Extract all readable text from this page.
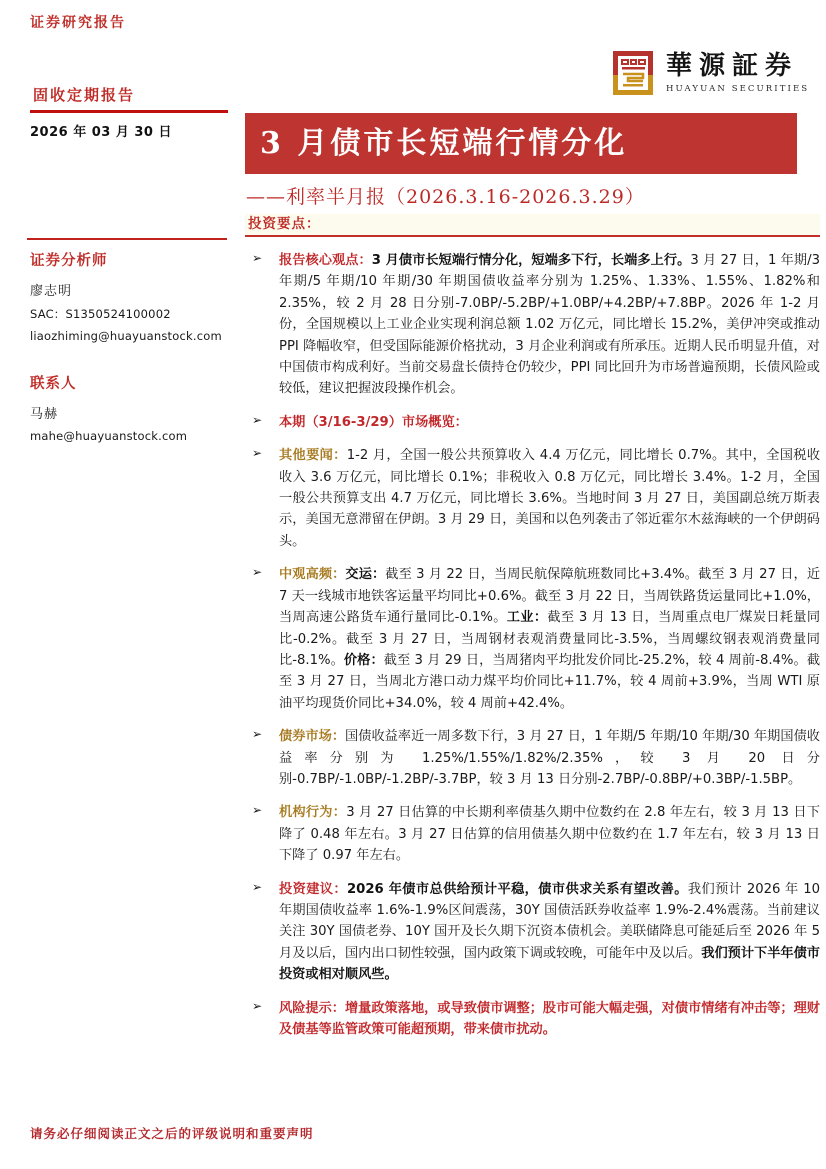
证券研究报告
華源証券
HUAYUAN SECURITIES
固收定期报告
2026 年 03 月 30 日	3 月债市长短端行情分化
——利率半月报（2026.3.16-2026.3.29）
投资要点：
证券分析师
廖志明
SAC：S1350524100002
liaozhiming@huayuanstock.com
联系人
马赫
mahe@huayuanstock.com
➢ 报告核心观点：3 月债市长短端行情分化，短端多下行，长端多上行。3 月 27 日，1 年期/3 年期/5 年期/10 年期/30 年期国债收益率分别为 1.25%、1.33%、1.55%、1.82%和 2.35%，较 2 月 28 日分别-7.0BP/-5.2BP/+1.0BP/+4.2BP/+7.8BP。2026 年 1-2 月份，全国规模以上工业企业实现利润总额 1.02 万亿元，同比增长 15.2%，美伊冲突或推动 PPI 降幅收窄，但受国际能源价格扰动，3 月企业利润或有所承压。近期人民币明显升值，对中国债市构成利好。当前交易盘长债持仓仍较少，PPI 同比回升为市场普遍预期，长债风险或较低，建议把握波段操作机会。

➢ 本期（3/16-3/29）市场概览：

➢ 其他要闻：1-2 月，全国一般公共预算收入 4.4 万亿元，同比增长 0.7%。其中，全国税收收入 3.6 万亿元，同比增长 0.1%；非税收入 0.8 万亿元，同比增长 3.4%。1-2 月，全国一般公共预算支出 4.7 万亿元，同比增长 3.6%。当地时间 3 月 27 日，美国副总统万斯表示，美国无意滞留在伊朗。3 月 29 日，美国和以色列袭击了邻近霍尔木兹海峡的一个伊朗码头。

➢ 中观高频：交运：截至 3 月 22 日，当周民航保障航班数同比+3.4%。截至 3 月 27 日，近 7 天一线城市地铁客运量平均同比+0.6%。截至 3 月 22 日，当周铁路货运量同比+1.0%，当周高速公路货车通行量同比-0.1%。工业：截至 3 月 13 日，当周重点电厂煤炭日耗量同比-0.2%。截至 3 月 27 日，当周钢材表观消费量同比-3.5%，当周螺纹钢表观消费量同比-8.1%。价格：截至 3 月 29 日，当周猪肉平均批发价同比-25.2%，较 4 周前-8.4%。截至 3 月 27 日，当周北方港口动力煤平均价同比+11.7%，较 4 周前+3.9%，当周 WTI 原油平均现货价同比+34.0%，较 4 周前+42.4%。

➢ 债券市场：国债收益率近一周多数下行，3 月 27 日，1 年期/5 年期/10 年期/30 年期国债收益率分别为 1.25%/1.55%/1.82%/2.35%，较 3 月 20 日分别-0.7BP/-1.0BP/-1.2BP/-3.7BP，较 3 月 13 日分别-2.7BP/-0.8BP/+0.3BP/-1.5BP。

➢ 机构行为：3 月 27 日估算的中长期利率债基久期中位数约在 2.8 年左右，较 3 月 13 日下降了 0.48 年左右。3 月 27 日估算的信用债基久期中位数约在 1.7 年左右，较 3 月 13 日下降了 0.97 年左右。

➢ 投资建议：2026 年债市总供给预计平稳，债市供求关系有望改善。我们预计 2026 年 10 年期国债收益率 1.6%-1.9%区间震荡，30Y 国债活跃券收益率 1.9%-2.4%震荡。当前建议关注 30Y 国债老券、10Y 国开及长久期下沉资本债机会。美联储降息可能延后至 2026 年 5 月及以后，国内出口韧性较强，国内政策下调或较晚，可能年中及以后。我们预计下半年债市投资或相对顺风些。

➢ 风险提示：增量政策落地，或导致债市调整；股市可能大幅走强，对债市情绪有冲击等；理财及债基等监管政策可能超预期，带来债市扰动。

请务必仔细阅读正文之后的评级说明和重要声明
